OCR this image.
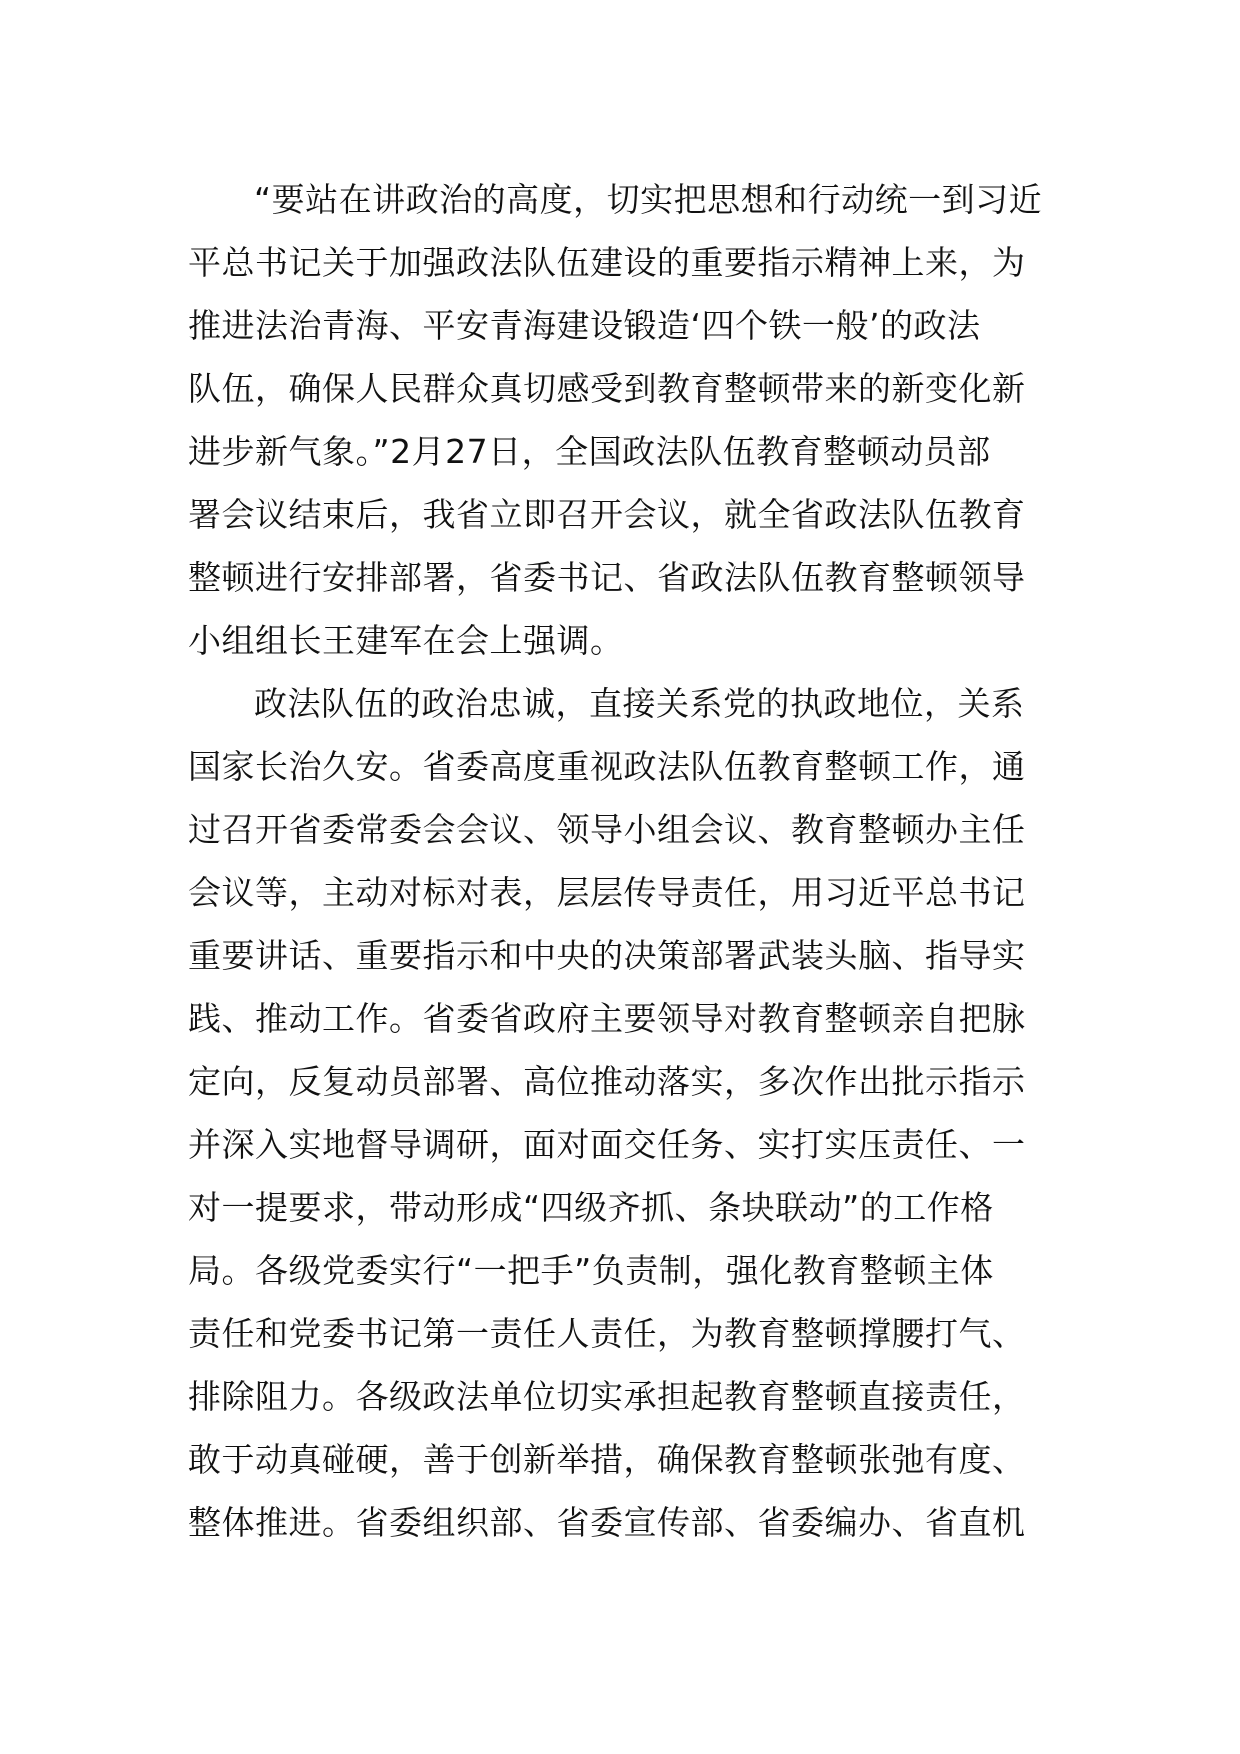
“要站在讲政治的高度，切实把思想和行动统一到习近
平总书记关于加强政法队伍建设的重要指示精神上来，为
推进法治青海、平安青海建设锻造‘四个铁一般’的政法
队伍，确保人民群众真切感受到教育整顿带来的新变化新
进步新气象。”2月27日，全国政法队伍教育整顿动员部
署会议结束后，我省立即召开会议，就全省政法队伍教育
整顿进行安排部署，省委书记、省政法队伍教育整顿领导
小组组长王建军在会上强调。
政法队伍的政治忠诚，直接关系党的执政地位，关系
国家长治久安。省委高度重视政法队伍教育整顿工作，通
过召开省委常委会会议、领导小组会议、教育整顿办主任
会议等，主动对标对表，层层传导责任，用习近平总书记
重要讲话、重要指示和中央的决策部署武装头脑、指导实
践、推动工作。省委省政府主要领导对教育整顿亲自把脉
定向，反复动员部署、高位推动落实，多次作出批示指示
并深入实地督导调研，面对面交任务、实打实压责任、一
对一提要求，带动形成“四级齐抓、条块联动”的工作格
局。各级党委实行“一把手”负责制，强化教育整顿主体
责任和党委书记第一责任人责任，为教育整顿撑腰打气、
排除阻力。各级政法单位切实承担起教育整顿直接责任，
敢于动真碰硬，善于创新举措，确保教育整顿张弛有度、
整体推进。省委组织部、省委宣传部、省委编办、省直机
